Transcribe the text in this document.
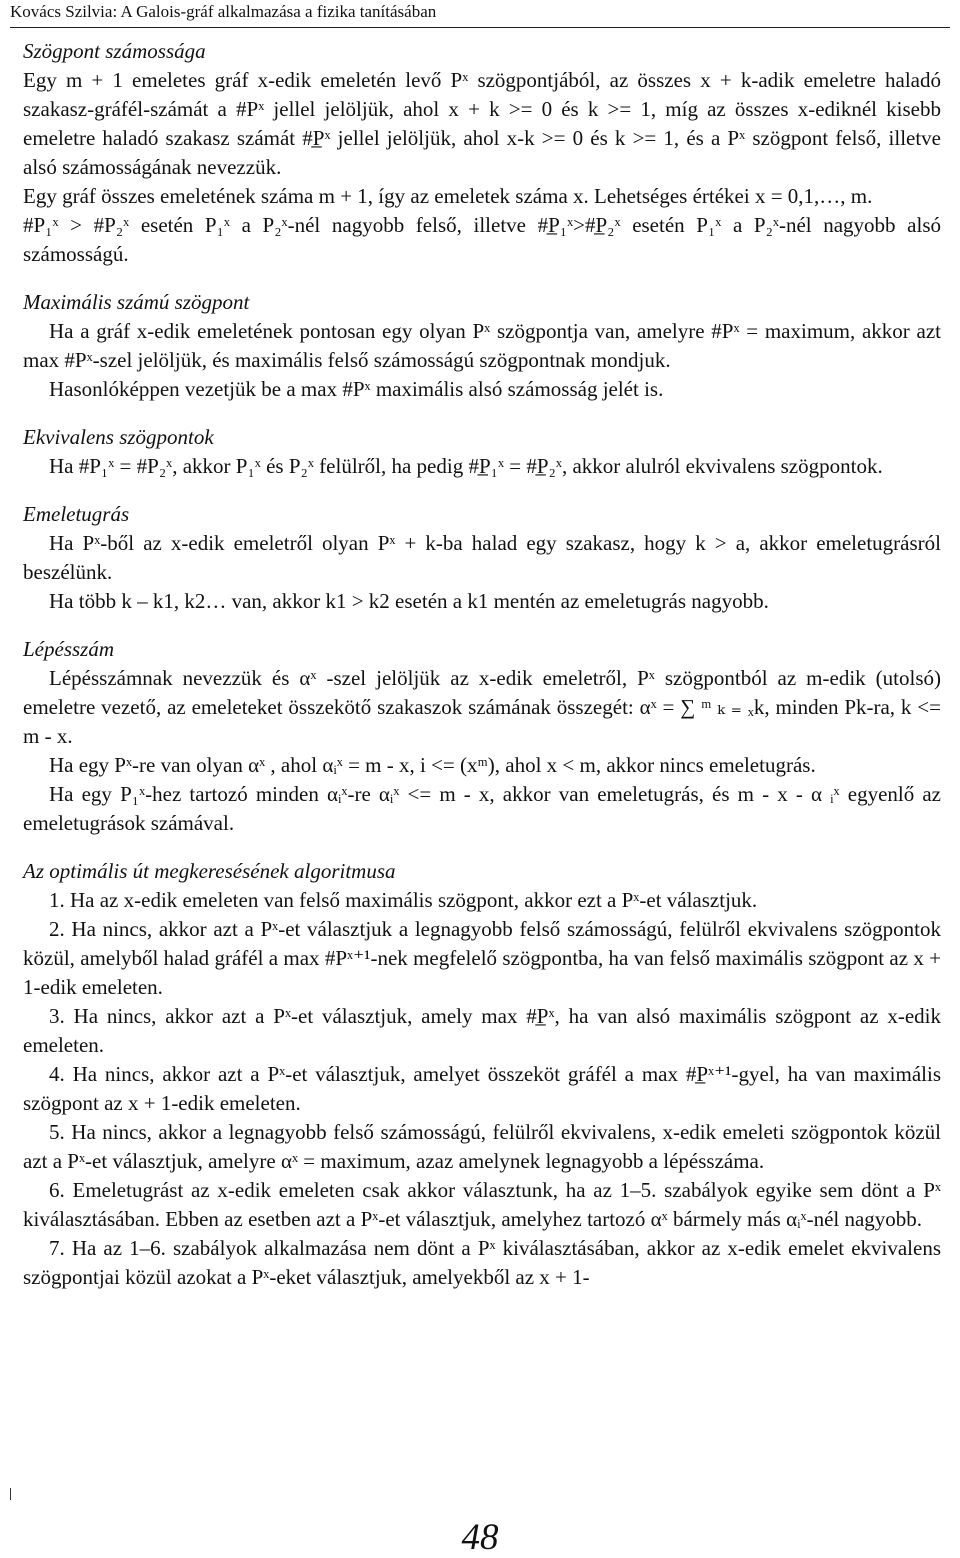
Kovács Szilvia: A Galois-gráf alkalmazása a fizika tanításában
Szögpont számossága

Egy m + 1 emeletes gráf x-edik emeletén levő Pˣ szögpontjából, az összes x + k-adik emeletre haladó szakasz-gráfél-számát a #Pˣ jellel jelöljük, ahol x + k >= 0 és k >= 1, míg az összes x-ediknél kisebb emeletre haladó szakasz számát #P̲ˣ jellel jelöljük, ahol x-k >= 0 és k >= 1, és a Pˣ szögpont felső, illetve alsó számosságának nevezzük.

Egy gráf összes emeletének száma m + 1, így az emeletek száma x. Lehetséges értékei x = 0,1,…, m.

#P₁ˣ > #P₂ˣ esetén P₁ˣ a P₂ˣ-nél nagyobb felső, illetve #P̲₁ˣ>#P̲₂ˣ esetén P₁ˣ a P₂ˣ-nél nagyobb alsó számosságú.

Maximális számú szögpont

Ha a gráf x-edik emeletének pontosan egy olyan Pˣ szögpontja van, amelyre #Pˣ = maximum, akkor azt max #Pˣ-szel jelöljük, és maximális felső számosságú szögpontnak mondjuk.

Hasonlóképpen vezetjük be a max #Pˣ maximális alsó számosság jelét is.

Ekvivalens szögpontok

Ha #P₁ˣ = #P₂ˣ, akkor P₁ˣ és P₂ˣ felülről, ha pedig #P̲₁ˣ = #P̲₂ˣ, akkor alulról ekvivalens szögpontok.

Emeletugrás

Ha Pˣ-ből az x-edik emeletről olyan Pˣ + k-ba halad egy szakasz, hogy k > a, akkor emeletugrásról beszélünk.

Ha több k – k1, k2… van, akkor k1 > k2 esetén a k1 mentén az emeletugrás nagyobb.

Lépésszám

Lépésszámnak nevezzük és αˣ -szel jelöljük az x-edik emeletről, Pˣ szögpontból az m-edik (utolsó) emeletre vezető, az emeleteket összekötő szakaszok számának összegét: αˣ = ∑ ᵐ ₖ ₌ ₓk, minden Pk-ra, k <= m - x.

Ha egy Pˣ-re van olyan αˣ , ahol αᵢˣ = m - x, i <= (xᵐ), ahol x < m, akkor nincs emeletugrás.

Ha egy P₁ˣ-hez tartozó minden αᵢˣ-re αᵢˣ <= m - x, akkor van emeletugrás, és m - x - α ᵢˣ egyenlő az emeletugrások számával.

Az optimális út megkeresésének algoritmusa

1. Ha az x-edik emeleten van felső maximális szögpont, akkor ezt a Pˣ-et választjuk.

2. Ha nincs, akkor azt a Pˣ-et választjuk a legnagyobb felső számosságú, felülről ekvivalens szögpontok közül, amelyből halad gráfél a max #Pˣ⁺¹-nek megfelelő szögpontba, ha van felső maximális szögpont az x + 1-edik emeleten.

3. Ha nincs, akkor azt a Pˣ-et választjuk, amely max #P̲ˣ, ha van alsó maximális szögpont az x-edik emeleten.

4. Ha nincs, akkor azt a Pˣ-et választjuk, amelyet összeköt gráfél a max #P̲ˣ⁺¹-gyel, ha van maximális szögpont az x + 1-edik emeleten.

5. Ha nincs, akkor a legnagyobb felső számosságú, felülről ekvivalens, x-edik emeleti szögpontok közül azt a Pˣ-et választjuk, amelyre αˣ = maximum, azaz amelynek legnagyobb a lépésszáma.

6. Emeletugrást az x-edik emeleten csak akkor választunk, ha az 1–5. szabályok egyike sem dönt a Pˣ kiválasztásában. Ebben az esetben azt a Pˣ-et választjuk, amelyhez tartozó αˣ bármely más αᵢˣ-nél nagyobb.

7. Ha az 1–6. szabályok alkalmazása nem dönt a Pˣ kiválasztásában, akkor az x-edik emelet ekvivalens szögpontjai közül azokat a Pˣ-eket választjuk, amelyekből az x + 1-

48
